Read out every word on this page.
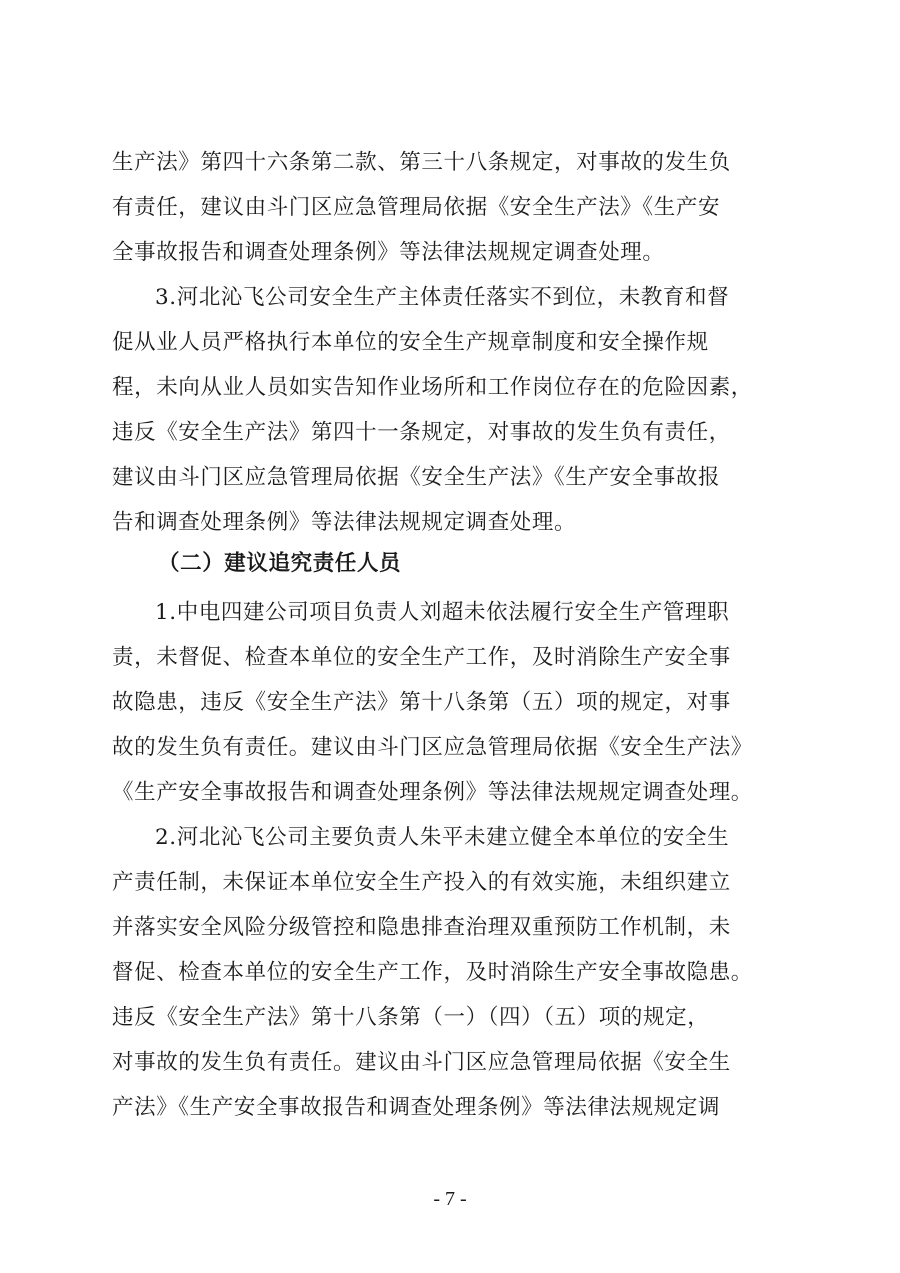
生产法》第四十六条第二款、第三十八条规定，对事故的发生负
有责任，建议由斗门区应急管理局依据《安全生产法》《生产安
全事故报告和调查处理条例》等法律法规规定调查处理。
3.河北沁飞公司安全生产主体责任落实不到位，未教育和督
促从业人员严格执行本单位的安全生产规章制度和安全操作规
程，未向从业人员如实告知作业场所和工作岗位存在的危险因素，
违反《安全生产法》第四十一条规定，对事故的发生负有责任，
建议由斗门区应急管理局依据《安全生产法》《生产安全事故报
告和调查处理条例》等法律法规规定调查处理。
（二）建议追究责任人员
1.中电四建公司项目负责人刘超未依法履行安全生产管理职
责，未督促、检查本单位的安全生产工作，及时消除生产安全事
故隐患，违反《安全生产法》第十八条第（五）项的规定，对事
故的发生负有责任。建议由斗门区应急管理局依据《安全生产法》
《生产安全事故报告和调查处理条例》等法律法规规定调查处理。
2.河北沁飞公司主要负责人朱平未建立健全本单位的安全生
产责任制，未保证本单位安全生产投入的有效实施，未组织建立
并落实安全风险分级管控和隐患排查治理双重预防工作机制，未
督促、检查本单位的安全生产工作，及时消除生产安全事故隐患。
违反《安全生产法》第十八条第（一）（四）（五）项的规定，
对事故的发生负有责任。建议由斗门区应急管理局依据《安全生
产法》《生产安全事故报告和调查处理条例》等法律法规规定调
- 7 -
